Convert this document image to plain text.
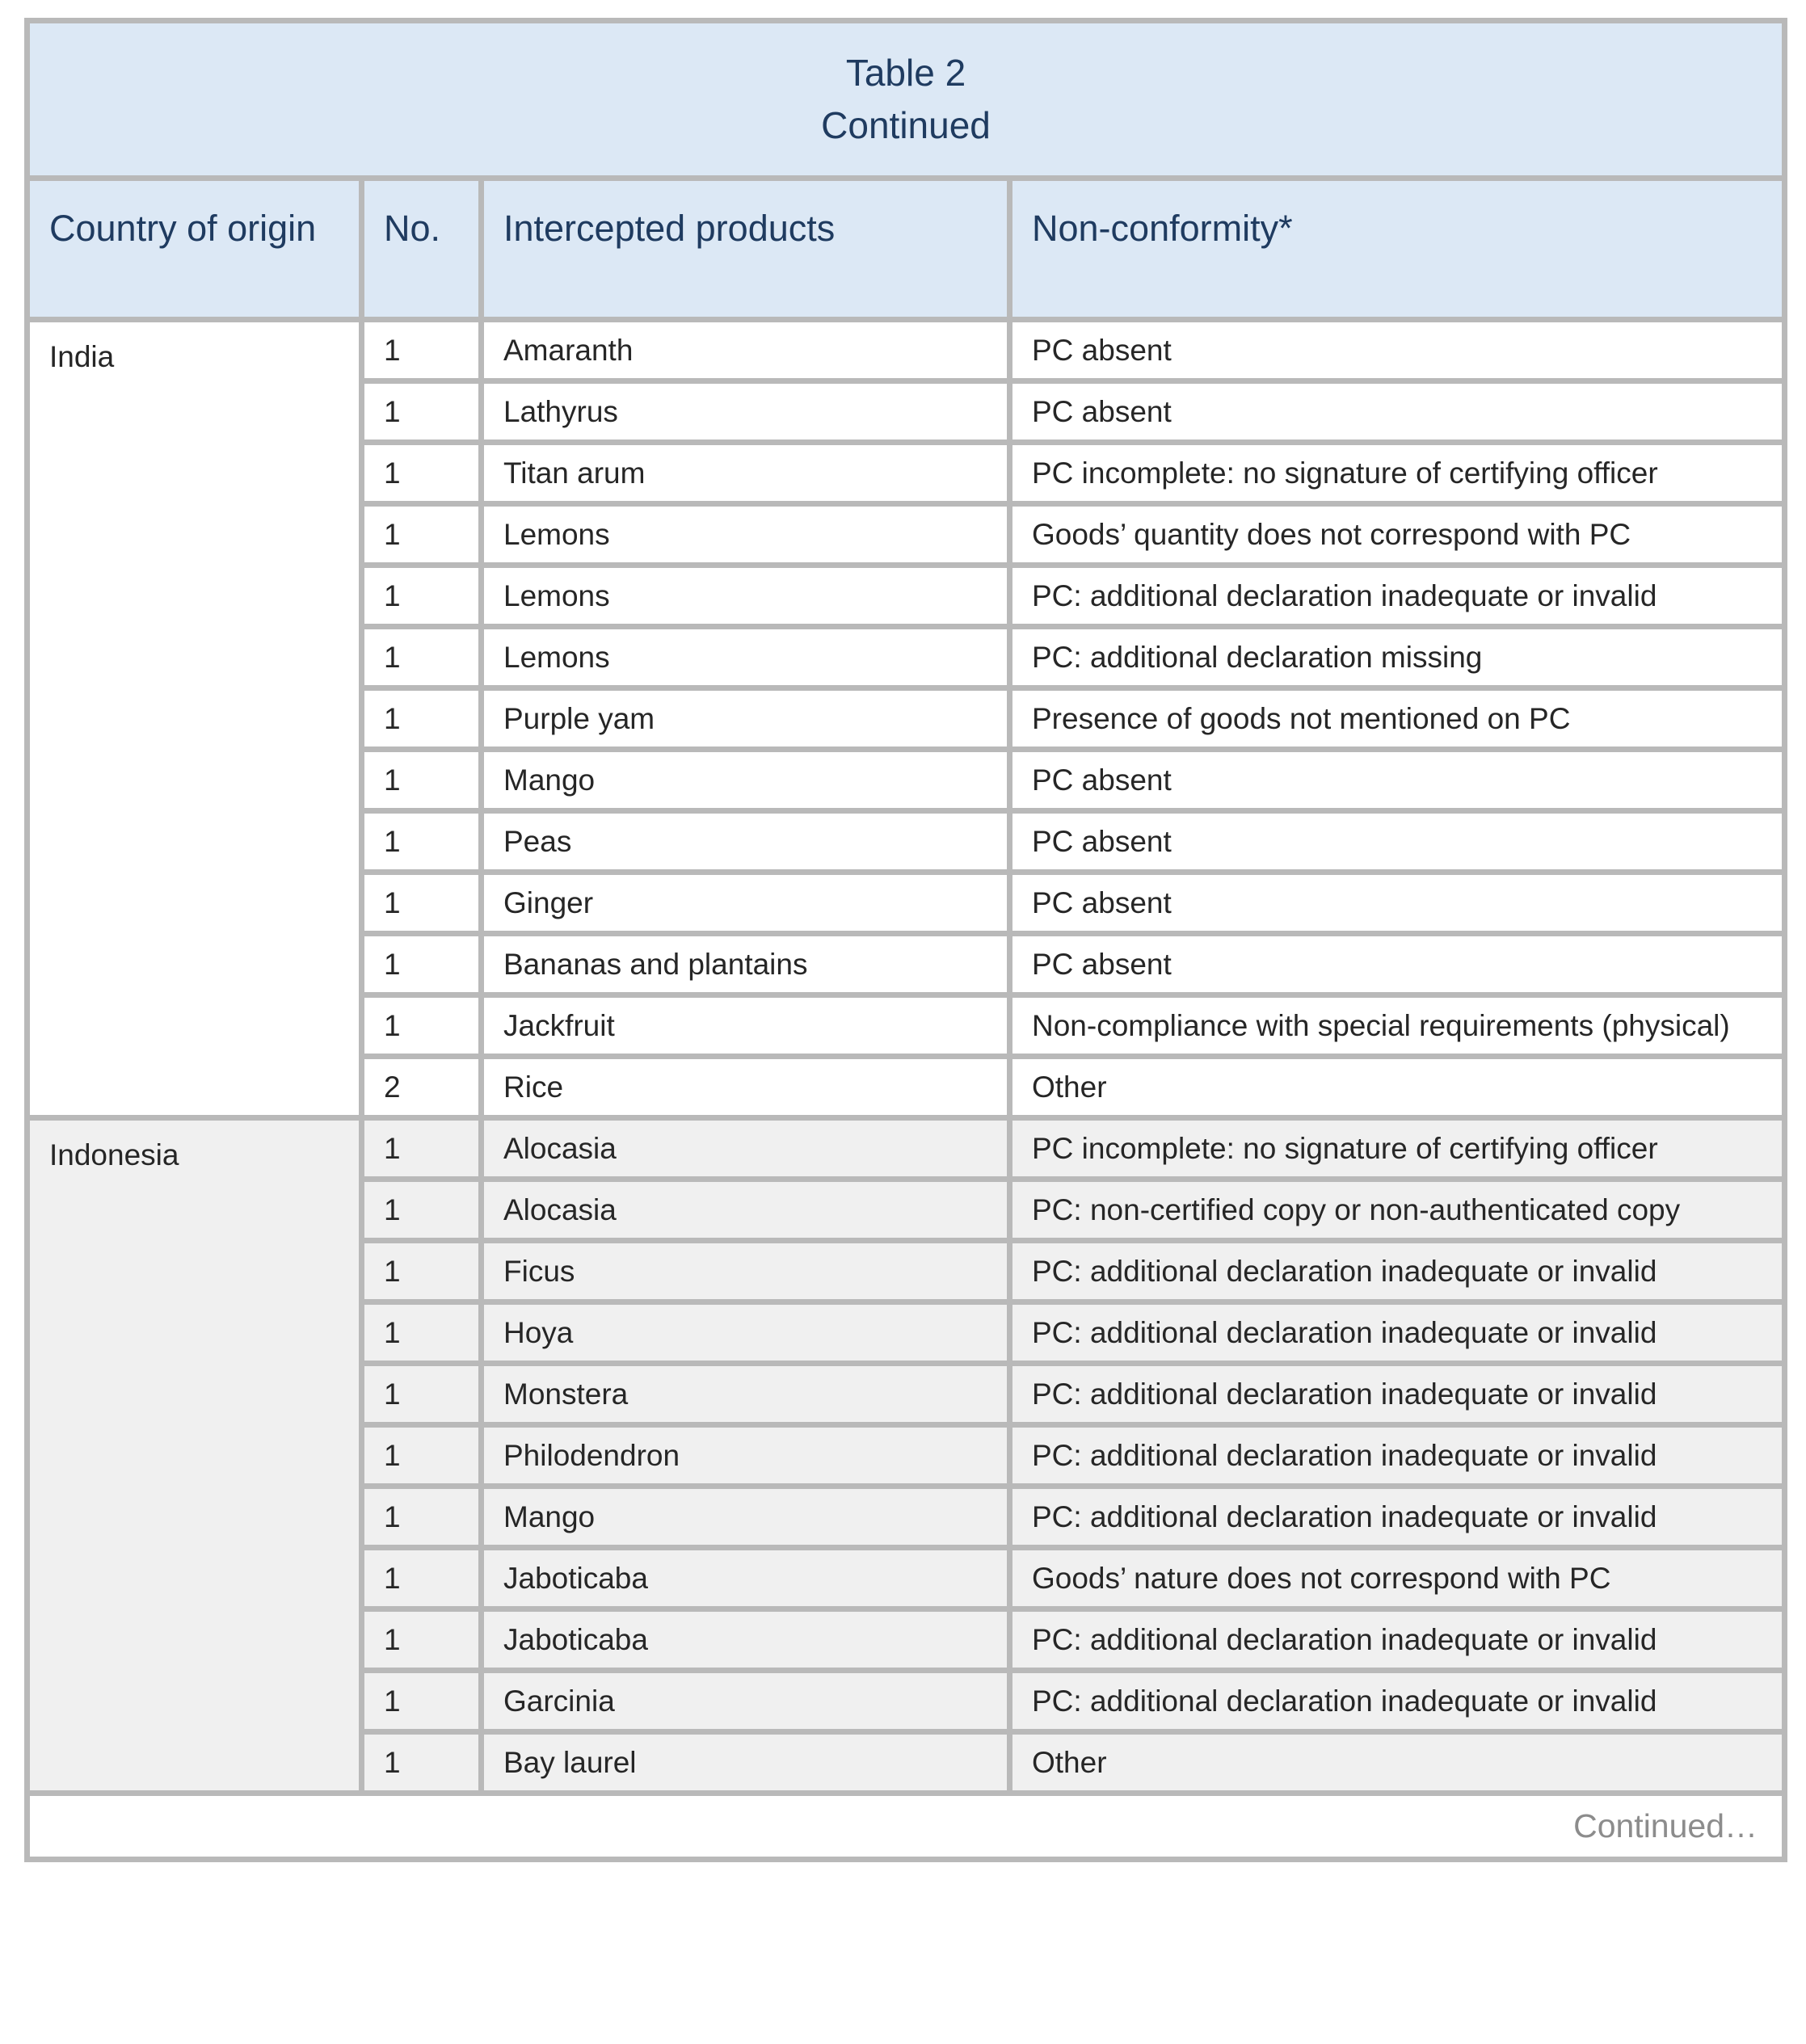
Table 2
Continued			

Country of origin	No.	Intercepted products	Non-conformity*
India	1	Amaranth	PC absent
	1	Lathyrus	PC absent
	1	Titan arum	PC incomplete: no signature of certifying officer
	1	Lemons	Goods’ quantity does not correspond with PC
	1	Lemons	PC: additional declaration inadequate or invalid
	1	Lemons	PC: additional declaration missing
	1	Purple yam	Presence of goods not mentioned on PC
	1	Mango	PC absent
	1	Peas	PC absent
	1	Ginger	PC absent
	1	Bananas and plantains	PC absent
	1	Jackfruit	Non-compliance with special requirements (physical)
	2	Rice	Other
Indonesia	1	Alocasia	PC incomplete: no signature of certifying officer
	1	Alocasia	PC: non-certified copy or non-authenticated copy
	1	Ficus	PC: additional declaration inadequate or invalid
	1	Hoya	PC: additional declaration inadequate or invalid
	1	Monstera	PC: additional declaration inadequate or invalid
	1	Philodendron	PC: additional declaration inadequate or invalid
	1	Mango	PC: additional declaration inadequate or invalid
	1	Jaboticaba	Goods’ nature does not correspond with PC
	1	Jaboticaba	PC: additional declaration inadequate or invalid
	1	Garcinia	PC: additional declaration inadequate or invalid
	1	Bay laurel	Other
Continued…			
